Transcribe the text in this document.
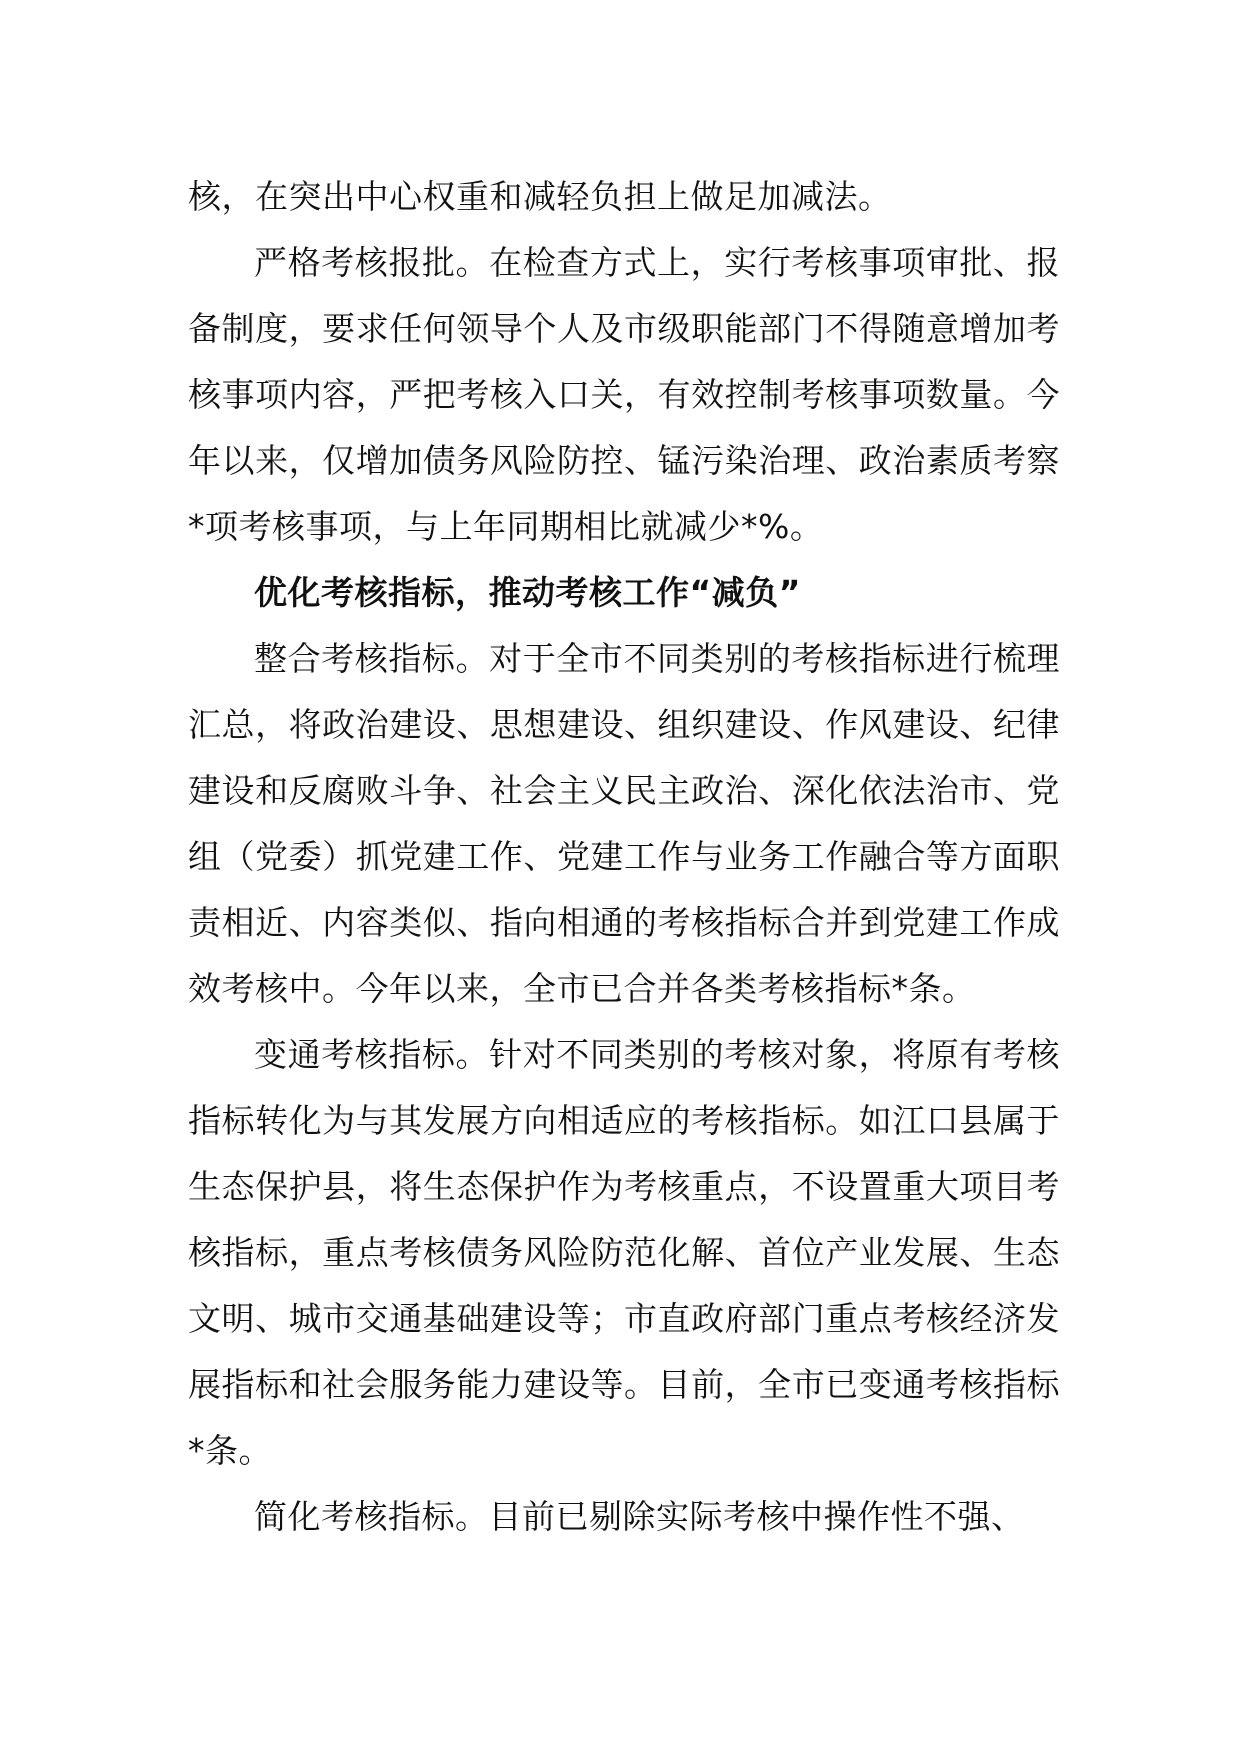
核，在突出中心权重和减轻负担上做足加减法。

严格考核报批。在检查方式上，实行考核事项审批、报备制度，要求任何领导个人及市级职能部门不得随意增加考核事项内容，严把考核入口关，有效控制考核事项数量。今年以来，仅增加债务风险防控、锰污染治理、政治素质考察*项考核事项，与上年同期相比就减少*%。

优化考核指标，推动考核工作“减负”

整合考核指标。对于全市不同类别的考核指标进行梳理汇总，将政治建设、思想建设、组织建设、作风建设、纪律建设和反腐败斗争、社会主义民主政治、深化依法治市、党组（党委）抓党建工作、党建工作与业务工作融合等方面职责相近、内容类似、指向相通的考核指标合并到党建工作成效考核中。今年以来，全市已合并各类考核指标*条。

变通考核指标。针对不同类别的考核对象，将原有考核指标转化为与其发展方向相适应的考核指标。如江口县属于生态保护县，将生态保护作为考核重点，不设置重大项目考核指标，重点考核债务风险防范化解、首位产业发展、生态文明、城市交通基础建设等；市直政府部门重点考核经济发展指标和社会服务能力建设等。目前，全市已变通考核指标*条。

简化考核指标。目前已剔除实际考核中操作性不强、
